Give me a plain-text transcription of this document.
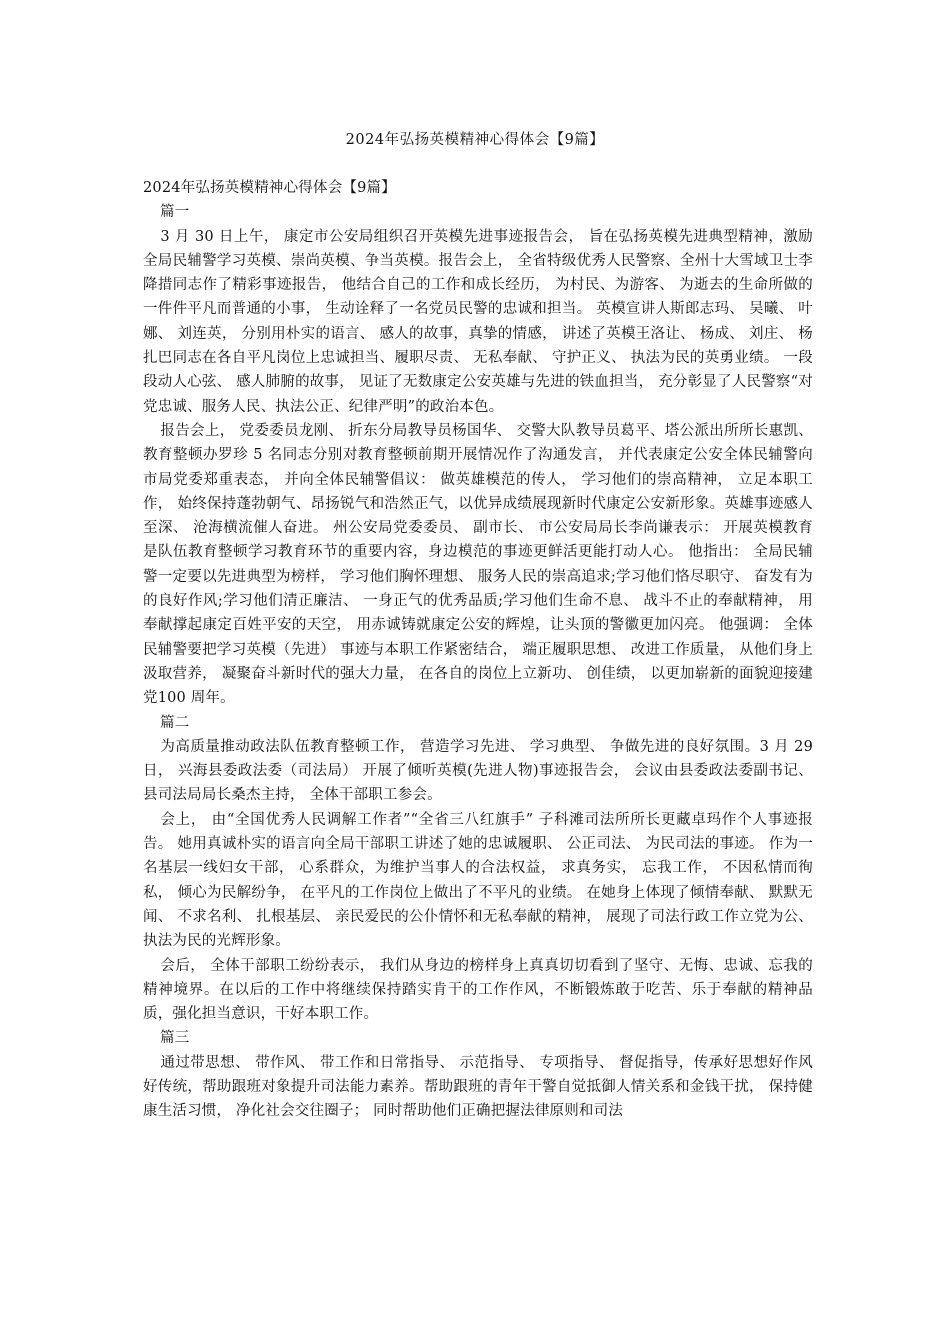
2024年弘扬英模精神心得体会【9篇】

2024年弘扬英模精神心得体会【9篇】

篇一

3 月 30 日上午， 康定市公安局组织召开英模先进事迹报告会， 旨在弘扬英模先进典型精神，激励全局民辅警学习英模、崇尚英模、争当英模。报告会上， 全省特级优秀人民警察、全州十大雪域卫士李降措同志作了精彩事迹报告， 他结合自己的工作和成长经历， 为村民、为游客、 为逝去的生命所做的一件件平凡而普通的小事， 生动诠释了一名党员民警的忠诚和担当。 英模宣讲人斯郎志玛、 吴曦、 叶娜、 刘连英， 分别用朴实的语言、 感人的故事，真挚的情感， 讲述了英模王洛让、 杨成、 刘庄、 杨扎巴同志在各自平凡岗位上忠诚担当、履职尽责、 无私奉献、 守护正义、 执法为民的英勇业绩。 一段段动人心弦、 感人肺腑的故事， 见证了无数康定公安英雄与先进的铁血担当， 充分彰显了人民警察“对党忠诚、服务人民、执法公正、纪律严明”的政治本色。

报告会上， 党委委员龙刚、 折东分局教导员杨国华、 交警大队教导员葛平、塔公派出所所长惠凯、 教育整顿办罗珍 5 名同志分别对教育整顿前期开展情况作了沟通发言， 并代表康定公安全体民辅警向市局党委郑重表态， 并向全体民辅警倡议： 做英雄模范的传人， 学习他们的崇高精神， 立足本职工作， 始终保持蓬勃朝气、昂扬锐气和浩然正气，以优异成绩展现新时代康定公安新形象。英雄事迹感人至深、 沧海横流催人奋进。 州公安局党委委员、 副市长、 市公安局局长李尚谦表示： 开展英模教育是队伍教育整顿学习教育环节的重要内容，身边模范的事迹更鲜活更能打动人心。 他指出： 全局民辅警一定要以先进典型为榜样， 学习他们胸怀理想、 服务人民的崇高追求;学习他们恪尽职守、 奋发有为的良好作风;学习他们清正廉洁、 一身正气的优秀品质;学习他们生命不息、 战斗不止的奉献精神， 用奉献撑起康定百姓平安的天空， 用赤诚铸就康定公安的辉煌，让头顶的警徽更加闪亮。 他强调： 全体民辅警要把学习英模（先进） 事迹与本职工作紧密结合， 端正履职思想、 改进工作质量， 从他们身上汲取营养， 凝聚奋斗新时代的强大力量， 在各自的岗位上立新功、 创佳绩， 以更加崭新的面貌迎接建党100 周年。

篇二

为高质量推动政法队伍教育整顿工作， 营造学习先进、 学习典型、 争做先进的良好氛围。3 月 29 日， 兴海县委政法委（司法局） 开展了倾听英模(先进人物)事迹报告会， 会议由县委政法委副书记、 县司法局局长桑杰主持， 全体干部职工参会。

会上， 由“全国优秀人民调解工作者”“全省三八红旗手” 子科滩司法所所长更藏卓玛作个人事迹报告。 她用真诚朴实的语言向全局干部职工讲述了她的忠诚履职、 公正司法、 为民司法的事迹。 作为一名基层一线妇女干部， 心系群众，为维护当事人的合法权益， 求真务实， 忘我工作， 不因私情而徇私， 倾心为民解纷争， 在平凡的工作岗位上做出了不平凡的业绩。 在她身上体现了倾情奉献、 默默无闻、 不求名利、 扎根基层、 亲民爱民的公仆情怀和无私奉献的精神， 展现了司法行政工作立党为公、执法为民的光辉形象。

会后， 全体干部职工纷纷表示， 我们从身边的榜样身上真真切切看到了坚守、无悔、忠诚、忘我的精神境界。在以后的工作中将继续保持踏实肯干的工作作风，不断锻炼敢于吃苦、乐于奉献的精神品质，强化担当意识，干好本职工作。

篇三

通过带思想、 带作风、 带工作和日常指导、 示范指导、 专项指导、 督促指导，传承好思想好作风好传统，帮助跟班对象提升司法能力素养。帮助跟班的青年干警自觉抵御人情关系和金钱干扰， 保持健康生活习惯， 净化社会交往圈子； 同时帮助他们正确把握法律原则和司法
